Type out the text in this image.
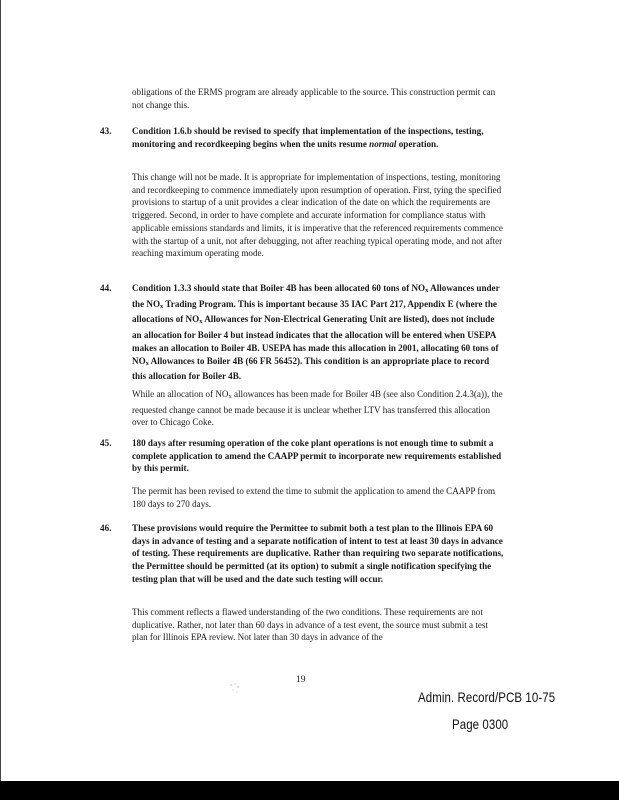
obligations of the ERMS program are already applicable to the source. This construction permit can not change this.

43. Condition 1.6.b should be revised to specify that implementation of the inspections, testing, monitoring and recordkeeping begins when the units resume normal operation.

This change will not be made. It is appropriate for implementation of inspections, testing, monitoring and recordkeeping to commence immediately upon resumption of operation. First, tying the specified provisions to startup of a unit provides a clear indication of the date on which the requirements are triggered. Second, in order to have complete and accurate information for compliance status with applicable emissions standards and limits, it is imperative that the referenced requirements commence with the startup of a unit, not after debugging, not after reaching typical operating mode, and not after reaching maximum operating mode.

44. Condition 1.3.3 should state that Boiler 4B has been allocated 60 tons of NOx Allowances under the NOx Trading Program. This is important because 35 IAC Part 217, Appendix E (where the allocations of NOx Allowances for Non-Electrical Generating Unit are listed), does not include an allocation for Boiler 4 but instead indicates that the allocation will be entered when USEPA makes an allocation to Boiler 4B. USEPA has made this allocation in 2001, allocating 60 tons of NOx Allowances to Boiler 4B (66 FR 56452). This condition is an appropriate place to record this allocation for Boiler 4B.

While an allocation of NOx allowances has been made for Boiler 4B (see also Condition 2.4.3(a)), the requested change cannot be made because it is unclear whether LTV has transferred this allocation over to Chicago Coke.

45. 180 days after resuming operation of the coke plant operations is not enough time to submit a complete application to amend the CAAPP permit to incorporate new requirements established by this permit.

The permit has been revised to extend the time to submit the application to amend the CAAPP from 180 days to 270 days.

46. These provisions would require the Permittee to submit both a test plan to the Illinois EPA 60 days in advance of testing and a separate notification of intent to test at least 30 days in advance of testing. These requirements are duplicative. Rather than requiring two separate notifications, the Permittee should be permitted (at its option) to submit a single notification specifying the testing plan that will be used and the date such testing will occur.

This comment reflects a flawed understanding of the two conditions. These requirements are not duplicative. Rather, not later than 60 days in advance of a test event, the source must submit a test plan for Illinois EPA review. Not later than 30 days in advance of the

19
Admin. Record/PCB 10-75
Page 0300
